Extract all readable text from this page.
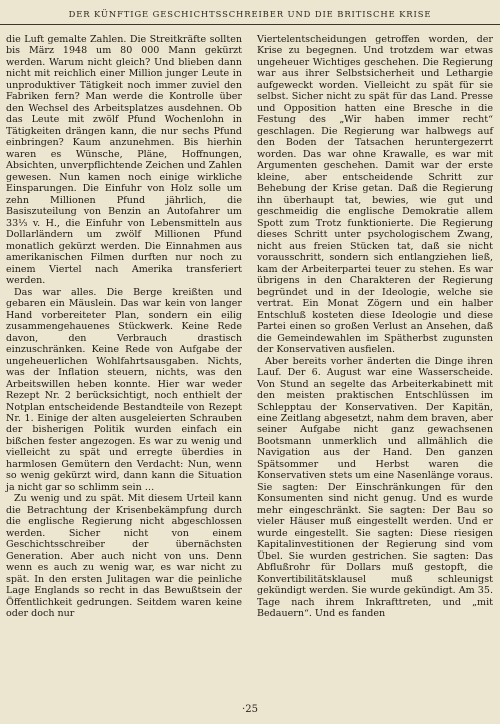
DER KÜNFTIGE GESCHICHTSSCHREIBER UND DIE BRITISCHE KRISE

die Luft gemalte Zahlen. Die Streitkräfte sollten bis März 1948 um 80 000 Mann gekürzt werden. Warum nicht gleich? Und blieben dann nicht mit reichlich einer Million junger Leute in unproduktiver Tätigkeit noch immer zuviel den Fabriken fern? Man werde die Kontrolle über den Wechsel des Arbeitsplatzes ausdehnen. Ob das Leute mit zwölf Pfund Wochenlohn in Tätigkeiten drängen kann, die nur sechs Pfund einbringen? Kaum anzunehmen. Bis hierhin waren es Wünsche, Pläne, Hoffnungen, Absichten, unverpflichtende Zeichen und Zahlen gewesen. Nun kamen noch einige wirkliche Einsparungen. Die Einfuhr von Holz solle um zehn Millionen Pfund jährlich, die Basiszuteilung von Benzin an Autofahrer um 33⅓ v. H., die Einfuhr von Lebensmitteln aus Dollarländern um zwölf Millionen Pfund monatlich gekürzt werden. Die Einnahmen aus amerikanischen Filmen durften nur noch zu einem Viertel nach Amerika transferiert werden.

Das war alles. Die Berge kreißten und gebaren ein Mäuslein. Das war kein von langer Hand vorbereiteter Plan, sondern ein eilig zusammengehauenes Stückwerk. Keine Rede davon, den Verbrauch drastisch einzuschränken. Keine Rede von Aufgabe der ungeheuerlichen Wohlfahrtsausgaben. Nichts, was der Inflation steuern, nichts, was den Arbeitswillen heben konnte. Hier war weder Rezept Nr. 2 berücksichtigt, noch enthielt der Notplan entscheidende Bestandteile von Rezept Nr. 1. Einige der alten ausgeleierten Schrauben der bisherigen Politik wurden einfach ein bißchen fester angezogen. Es war zu wenig und vielleicht zu spät und erregte überdies in harmlosen Gemütern den Verdacht: Nun, wenn so wenig gekürzt wird, dann kann die Situation ja nicht gar so schlimm sein …

Zu wenig und zu spät. Mit diesem Urteil kann die Betrachtung der Krisenbekämpfung durch die englische Regierung nicht abgeschlossen werden. Sicher nicht von einem Geschichtsschreiber der übernächsten Generation. Aber auch nicht von uns. Denn wenn es auch zu wenig war, es war nicht zu spät. In den ersten Julitagen war die peinliche Lage Englands so recht in das Bewußtsein der Öffentlichkeit gedrungen. Seitdem waren keine oder doch nur

Viertelentscheidungen getroffen worden, der Krise zu begegnen. Und trotzdem war etwas ungeheuer Wichtiges geschehen. Die Regierung war aus ihrer Selbstsicherheit und Lethargie aufgeweckt worden. Vielleicht zu spät für sie selbst. Sicher nicht zu spät für das Land. Presse und Opposition hatten eine Bresche in die Festung des „Wir haben immer recht“ geschlagen. Die Regierung war halbwegs auf den Boden der Tatsachen heruntergezerrt worden. Das war ohne Krawalle, es war mit Argumenten geschehen. Damit war der erste kleine, aber entscheidende Schritt zur Behebung der Krise getan. Daß die Regierung ihn überhaupt tat, bewies, wie gut und geschmeidig die englische Demokratie allem Spott zum Trotz funktionierte. Die Regierung dieses Schritt unter psychologischem Zwang, nicht aus freien Stücken tat, daß sie nicht vorausschritt, sondern sich entlangziehen ließ, kam der Arbeiterpartei teuer zu stehen. Es war übrigens in den Charakteren der Regierung begründet und in der Ideologie, welche sie vertrat. Ein Monat Zögern und ein halber Entschluß kosteten diese Ideologie und diese Partei einen so großen Verlust an Ansehen, daß die Gemeindewahlen im Spätherbst zugunsten der Konservativen ausfielen.

Aber bereits vorher änderten die Dinge ihren Lauf. Der 6. August war eine Wasserscheide. Von Stund an segelte das Arbeiterkabinett mit den meisten praktischen Entschlüssen im Schlepptau der Konservativen. Der Kapitän, eine Zeitlang abgesetzt, nahm dem braven, aber seiner Aufgabe nicht ganz gewachsenen Bootsmann unmerklich und allmählich die Navigation aus der Hand. Den ganzen Spätsommer und Herbst waren die Konservativen stets um eine Nasenlänge voraus. Sie sagten: Der Einschränkungen für den Konsumenten sind nicht genug. Und es wurde mehr eingeschränkt. Sie sagten: Der Bau so vieler Häuser muß eingestellt werden. Und er wurde eingestellt. Sie sagten: Diese riesigen Kapitalinvestitionen der Regierung sind vom Übel. Sie wurden gestrichen. Sie sagten: Das Abflußrohr für Dollars muß gestopft, die Konvertibilitätsklausel muß schleunigst gekündigt werden. Sie wurde gekündigt. Am 35. Tage nach ihrem Inkrafttreten, und „mit Bedauern“. Und es fanden

·25
